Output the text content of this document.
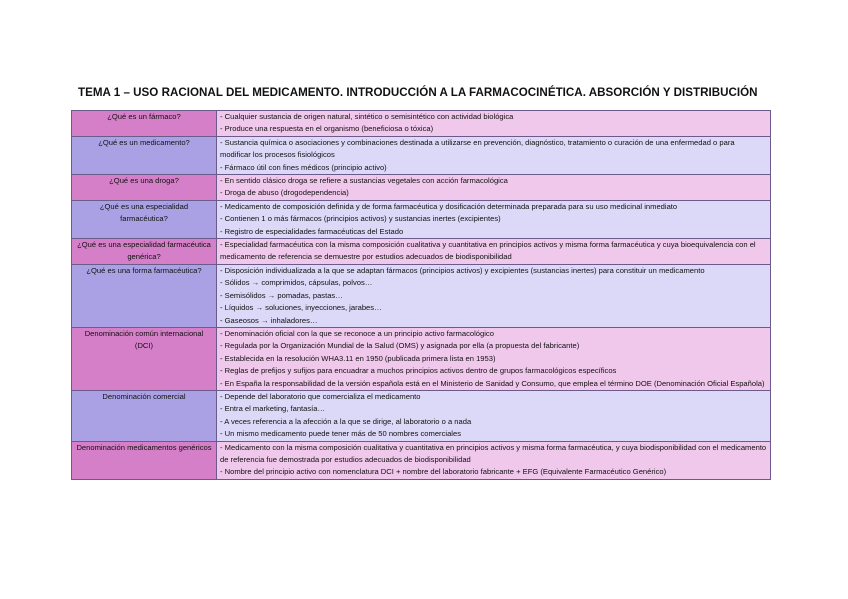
TEMA 1 – USO RACIONAL DEL MEDICAMENTO. INTRODUCCIÓN A LA FARMACOCINÉTICA. ABSORCIÓN Y DISTRIBUCIÓN
¿Qué es un fármaco?	- Cualquier sustancia de origen natural, sintético o semisintético con actividad biológica
- Produce una respuesta en el organismo (beneficiosa o tóxica)

¿Qué es un medicamento?	- Sustancia química o asociaciones y combinaciones destinada a utilizarse en prevención, diagnóstico, tratamiento o curación de una enfermedad o para modificar los procesos fisiológicos
- Fármaco útil con fines médicos (principio activo)

¿Qué es una droga?	- En sentido clásico droga se refiere a sustancias vegetales con acción farmacológica
- Droga de abuso (drogodependencia)

¿Qué es una especialidad farmacéutica?	- Medicamento de composición definida y de forma farmacéutica y dosificación determinada preparada para su uso medicinal inmediato
- Contienen 1 o más fármacos (principios activos) y sustancias inertes (excipientes)
- Registro de especialidades farmacéuticas del Estado

¿Qué es una especialidad farmacéutica genérica?	- Especialidad farmacéutica con la misma composición cualitativa y cuantitativa en principios activos y misma forma farmacéutica y cuya bioequivalencia con el medicamento de referencia se demuestre por estudios adecuados de biodisponibilidad

¿Qué es una forma farmacéutica?	- Disposición individualizada a la que se adaptan fármacos (principios activos) y excipientes (sustancias inertes) para constituir un medicamento
- Sólidos → comprimidos, cápsulas, polvos…
- Semisólidos → pomadas, pastas…
- Líquidos → soluciones, inyecciones, jarabes…
- Gaseosos → inhaladores…

Denominación común internacional (DCI)	- Denominación oficial con la que se reconoce a un principio activo farmacológico
- Regulada por la Organización Mundial de la Salud (OMS) y asignada por ella (a propuesta del fabricante)
- Establecida en la resolución WHA3.11 en 1950 (publicada primera lista en 1953)
- Reglas de prefijos y sufijos para encuadrar a muchos principios activos dentro de grupos farmacológicos específicos
- En España la responsabilidad de la versión española está en el Ministerio de Sanidad y Consumo, que emplea el término DOE (Denominación Oficial Española)

Denominación comercial	- Depende del laboratorio que comercializa el medicamento
- Entra el marketing, fantasía…
- A veces referencia a la afección a la que se dirige, al laboratorio o a nada
- Un mismo medicamento puede tener más de 50 nombres comerciales

Denominación medicamentos genéricos	- Medicamento con la misma composición cualitativa y cuantitativa en principios activos y misma forma farmacéutica, y cuya biodisponibilidad con el medicamento de referencia fue demostrada por estudios adecuados de biodisponibilidad
- Nombre del principio activo con nomenclatura DCI + nombre del laboratorio fabricante + EFG (Equivalente Farmacéutico Genérico)
